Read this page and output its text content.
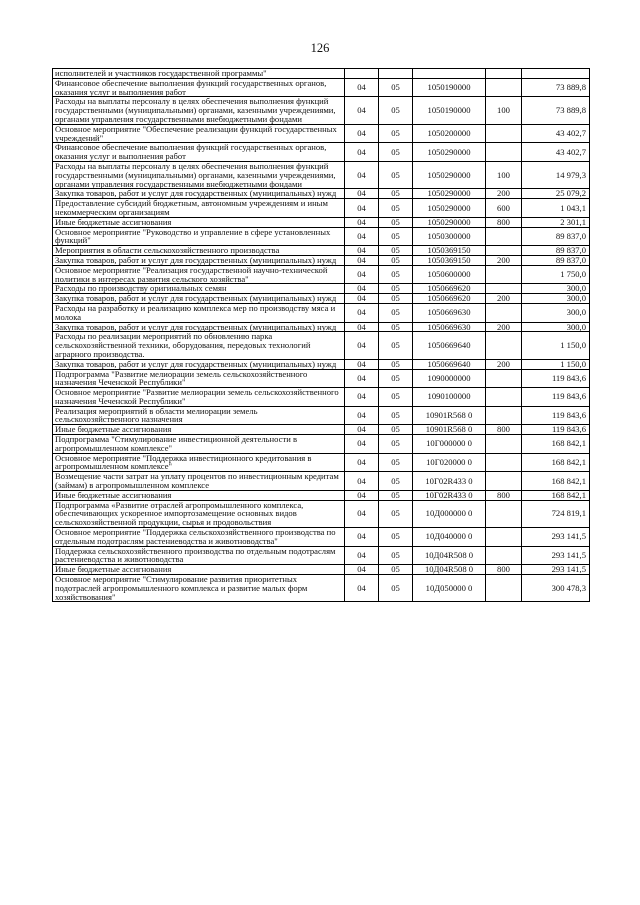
126
исполнителей и участников государственной программы"					
Финансовое обеспечение выполнения функций государственных органов, оказания услуг и выполнения работ	04	05	1050190000		73 889,8
Расходы на выплаты персоналу в целях обеспечения выполнения функций государственными (муниципальными) органами, казенными учреждениями, органами управления государственными внебюджетными фондами	04	05	1050190000	100	73 889,8
Основное мероприятие "Обеспечение реализации функций государственных учреждений"	04	05	1050200000		43 402,7
Финансовое обеспечение выполнения функций государственных органов, оказания услуг и выполнения работ	04	05	1050290000		43 402,7
Расходы на выплаты персоналу в целях обеспечения выполнения функций государственными (муниципальными) органами, казенными учреждениями, органами управления государственными внебюджетными фондами	04	05	1050290000	100	14 979,3
Закупка товаров, работ и услуг для государственных (муниципальных) нужд	04	05	1050290000	200	25 079,2
Предоставление субсидий бюджетным, автономным учреждениям и иным некоммерческим организациям	04	05	1050290000	600	1 043,1
Иные бюджетные ассигнования	04	05	1050290000	800	2 301,1
Основное мероприятие "Руководство и управление в сфере установленных функций"	04	05	1050300000		89 837,0
Мероприятия в области сельскохозяйственного производства	04	05	1050369150		89 837,0
Закупка товаров, работ и услуг для государственных (муниципальных) нужд	04	05	1050369150	200	89 837,0
Основное мероприятие "Реализация государственной научно-технической политики в интересах развития сельского хозяйства"	04	05	1050600000		1 750,0
Расходы по производству оригинальных семян	04	05	1050669620		300,0
Закупка товаров, работ и услуг для государственных (муниципальных) нужд	04	05	1050669620	200	300,0
Расходы на разработку и реализацию комплекса мер по производству мяса и молока	04	05	1050669630		300,0
Закупка товаров, работ и услуг для государственных (муниципальных) нужд	04	05	1050669630	200	300,0
Расходы по реализации мероприятий по обновлению парка сельскохозяйственной техники, оборудования, передовых технологий аграрного производства.	04	05	1050669640		1 150,0
Закупка товаров, работ и услуг для государственных (муниципальных) нужд	04	05	1050669640	200	1 150,0
Подпрограмма "Развитие мелиорации земель сельскохозяйственного назначения Чеченской Республики"	04	05	1090000000		119 843,6
Основное мероприятие "Развитие мелиорации земель сельскохозяйственного назначения Чеченской Республики"	04	05	1090100000		119 843,6
Реализация мероприятий в области мелиорации земель сельскохозяйственного назначения	04	05	10901R568 0		119 843,6
Иные бюджетные ассигнования	04	05	10901R568 0	800	119 843,6
Подпрограмма "Стимулирование инвестиционной деятельности в агропромышленном комплексе"	04	05	10Г000000 0		168 842,1
Основное мероприятие "Поддержка инвестиционного кредитования в агропромышленном комплексе"	04	05	10Г020000 0		168 842,1
Возмещение части затрат на уплату процентов по инвестиционным кредитам (займам) в агропромышленном комплексе	04	05	10Г02R433 0		168 842,1
Иные бюджетные ассигнования	04	05	10Г02R433 0	800	168 842,1
Подпрограмма «Развитие отраслей агропромышленного комплекса, обеспечивающих ускоренное импортозамещение основных видов сельскохозяйственной продукции, сырья и продовольствия	04	05	10Д000000 0		724 819,1
Основное мероприятие "Поддержка сельскохозяйственного производства по отдельным подотраслям растениеводства и животноводства"	04	05	10Д040000 0		293 141,5
Поддержка сельскохозяйственного производства по отдельным подотраслям растениеводства и животноводства	04	05	10Д04R508 0		293 141,5
Иные бюджетные ассигнования	04	05	10Д04R508 0	800	293 141,5
Основное мероприятие "Стимулирование развития приоритетных подотраслей агропромышленного комплекса и развитие малых форм хозяйствования"	04	05	10Д050000 0		300 478,3
